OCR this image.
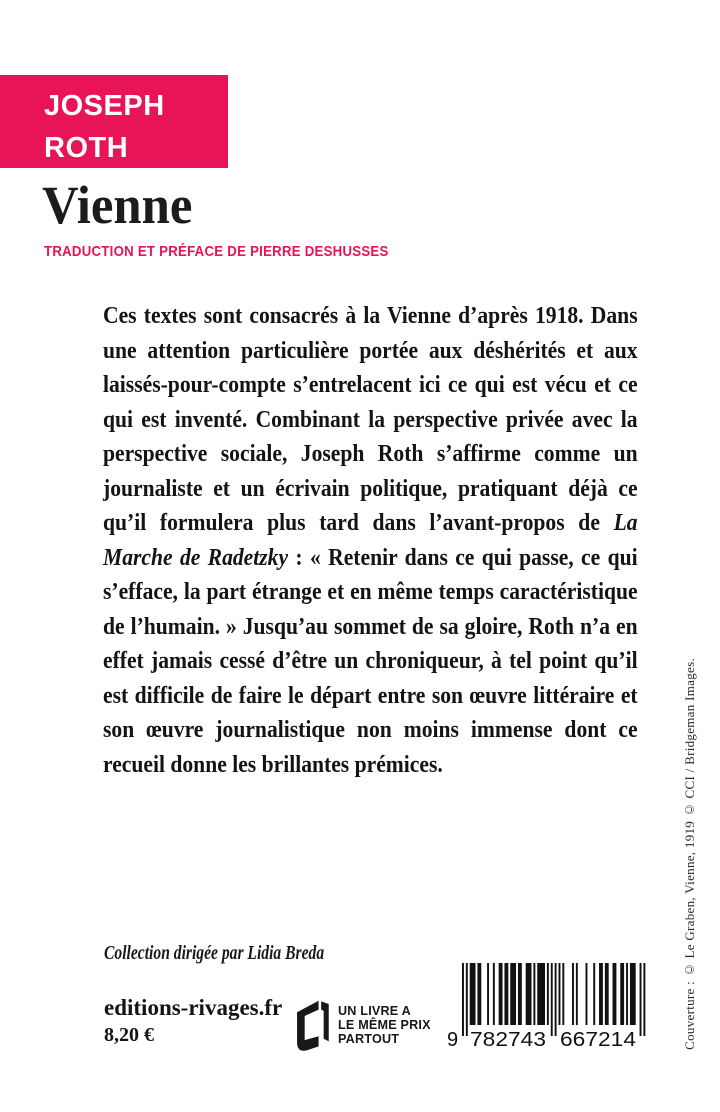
JOSEPH
ROTH
Vienne
TRADUCTION ET PRÉFACE DE PIERRE DESHUSSES

Ces textes sont consacrés à la Vienne d’après 1918. Dans une attention particulière portée aux déshérités et aux laissés-pour-compte s’entrelacent ici ce qui est vécu et ce qui est inventé. Combinant la perspective privée avec la perspective sociale, Joseph Roth s’affirme comme un journaliste et un écrivain politique, pratiquant déjà ce qu’il formulera plus tard dans l’avant-propos de La Marche de Radetzky : « Retenir dans ce qui passe, ce qui s’efface, la part étrange et en même temps caractéristique de l’humain. » Jusqu’au sommet de sa gloire, Roth n’a en effet jamais cessé d’être un chroniqueur, à tel point qu’il est difficile de faire le départ entre son œuvre littéraire et son œuvre journalistique non moins immense dont ce recueil donne les brillantes prémices.

Collection dirigée par Lidia Breda
editions-rivages.fr
8,20 €
UN LIVRE A
LE MÊME PRIX
PARTOUT	9 782743 667214	Couverture : © Le Graben, Vienne, 1919 © CCI / Bridgeman Images.
